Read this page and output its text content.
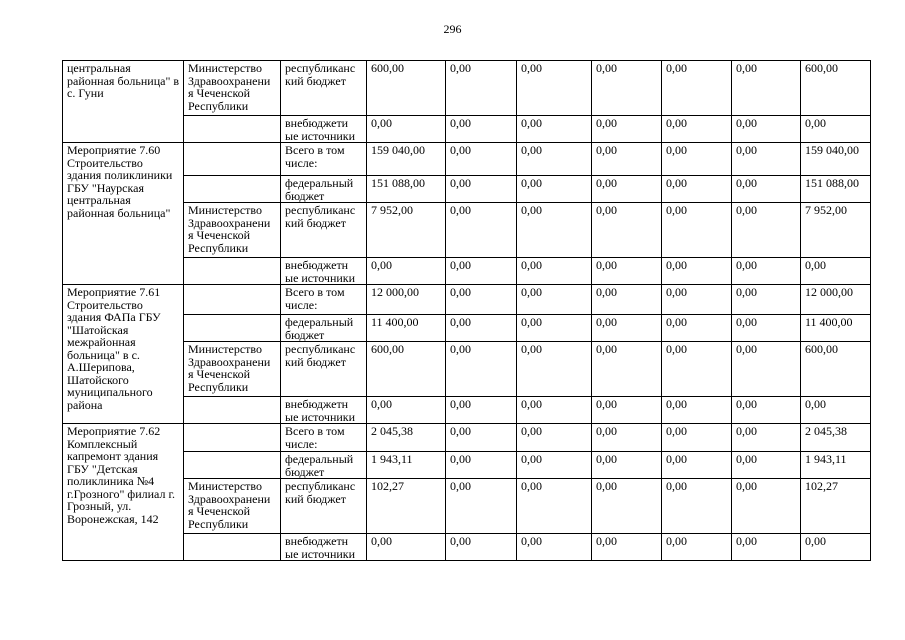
296
центральная районная больница" в с. Гуни	Министерство Здравоохранени я Чеченской Республики	республиканс кий бюджет	600,00	0,00	0,00	0,00	0,00	0,00	600,00
		внебюджети ые источники	0,00	0,00	0,00	0,00	0,00	0,00	0,00
Мероприятие 7.60 Строительство здания поликлиники ГБУ "Наурская центральная районная больница"		Всего в том числе:	159 040,00	0,00	0,00	0,00	0,00	0,00	159 040,00
		федеральный бюджет	151 088,00	0,00	0,00	0,00	0,00	0,00	151 088,00
	Министерство Здравоохранени я Чеченской Республики	республиканс кий бюджет	7 952,00	0,00	0,00	0,00	0,00	0,00	7 952,00
		внебюджетн ые источники	0,00	0,00	0,00	0,00	0,00	0,00	0,00
Мероприятие 7.61 Строительство здания ФАПа ГБУ "Шатойская межрайонная больница" в с. А.Шерипова, Шатойского муниципального района		Всего в том числе:	12 000,00	0,00	0,00	0,00	0,00	0,00	12 000,00
		федеральный бюджет	11 400,00	0,00	0,00	0,00	0,00	0,00	11 400,00
	Министерство Здравоохранени я Чеченской Республики	республиканс кий бюджет	600,00	0,00	0,00	0,00	0,00	0,00	600,00
		внебюджетн ые источники	0,00	0,00	0,00	0,00	0,00	0,00	0,00
Мероприятие 7.62 Комплексный капремонт здания ГБУ "Детская поликлиника №4 г.Грозного" филиал г. Грозный, ул. Воронежская, 142		Всего в том числе:	2 045,38	0,00	0,00	0,00	0,00	0,00	2 045,38
		федеральный бюджет	1 943,11	0,00	0,00	0,00	0,00	0,00	1 943,11
	Министерство Здравоохранени я Чеченской Республики	республиканс кий бюджет	102,27	0,00	0,00	0,00	0,00	0,00	102,27
		внебюджетн ые источники	0,00	0,00	0,00	0,00	0,00	0,00	0,00
